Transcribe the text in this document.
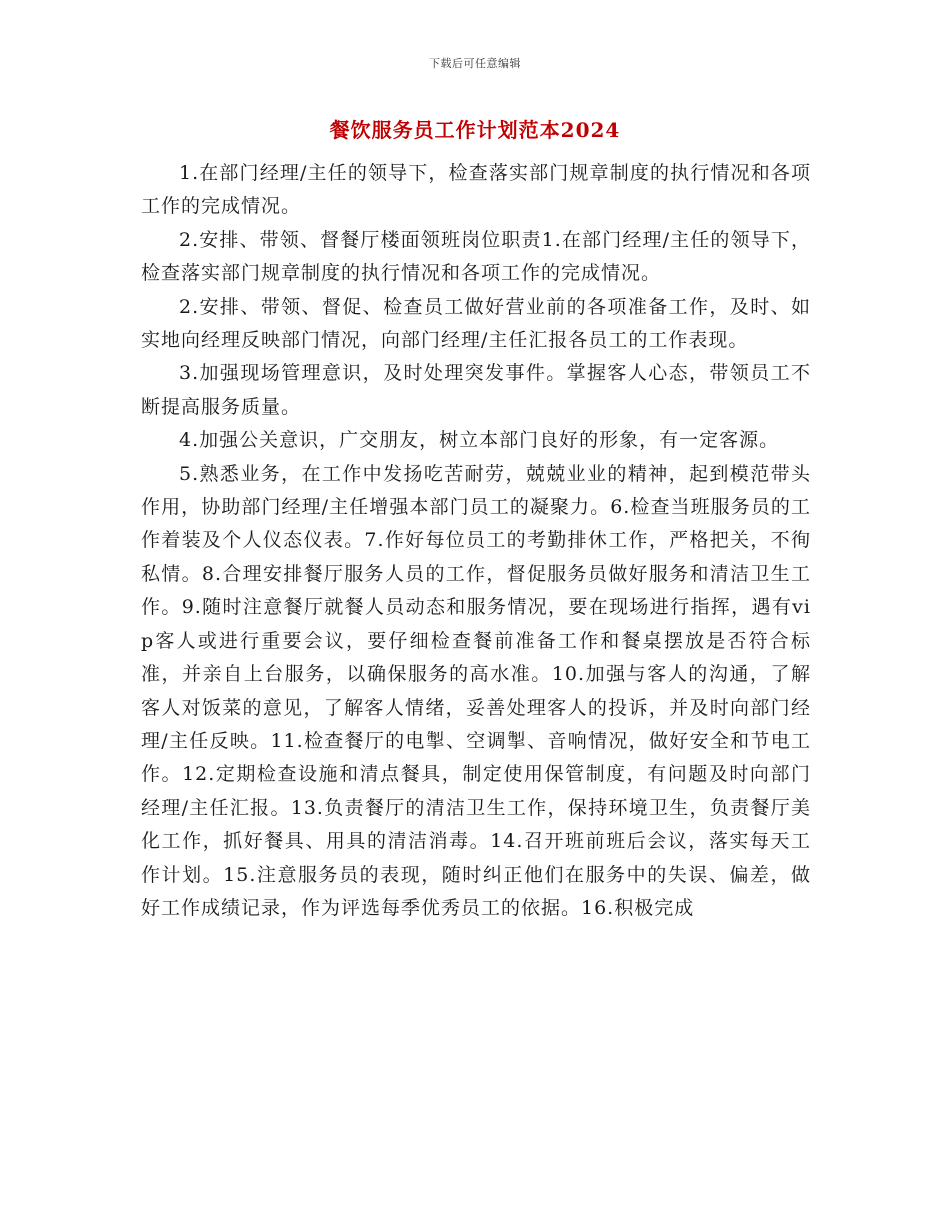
下载后可任意编辑
餐饮服务员工作计划范本2024

1.在部门经理/主任的领导下，检查落实部门规章制度的执行情况和各项工作的完成情况。

2.安排、带领、督餐厅楼面领班岗位职责1.在部门经理/主任的领导下，检查落实部门规章制度的执行情况和各项工作的完成情况。

2.安排、带领、督促、检查员工做好营业前的各项准备工作，及时、如实地向经理反映部门情况，向部门经理/主任汇报各员工的工作表现。

3.加强现场管理意识，及时处理突发事件。掌握客人心态，带领员工不断提高服务质量。

4.加强公关意识，广交朋友，树立本部门良好的形象，有一定客源。

5.熟悉业务，在工作中发扬吃苦耐劳，兢兢业业的精神，起到模范带头作用，协助部门经理/主任增强本部门员工的凝聚力。6.检查当班服务员的工作着装及个人仪态仪表。7.作好每位员工的考勤排休工作，严格把关，不徇私情。8.合理安排餐厅服务人员的工作，督促服务员做好服务和清洁卫生工作。9.随时注意餐厅就餐人员动态和服务情况，要在现场进行指挥，遇有vip客人或进行重要会议，要仔细检查餐前准备工作和餐桌摆放是否符合标准，并亲自上台服务，以确保服务的高水准。10.加强与客人的沟通，了解客人对饭菜的意见，了解客人情绪，妥善处理客人的投诉，并及时向部门经理/主任反映。11.检查餐厅的电掣、空调掣、音响情况，做好安全和节电工作。12.定期检查设施和清点餐具，制定使用保管制度，有问题及时向部门经理/主任汇报。13.负责餐厅的清洁卫生工作，保持环境卫生，负责餐厅美化工作，抓好餐具、用具的清洁消毒。14.召开班前班后会议，落实每天工作计划。15.注意服务员的表现，随时纠正他们在服务中的失误、偏差，做好工作成绩记录，作为评选每季优秀员工的依据。16.积极完成
